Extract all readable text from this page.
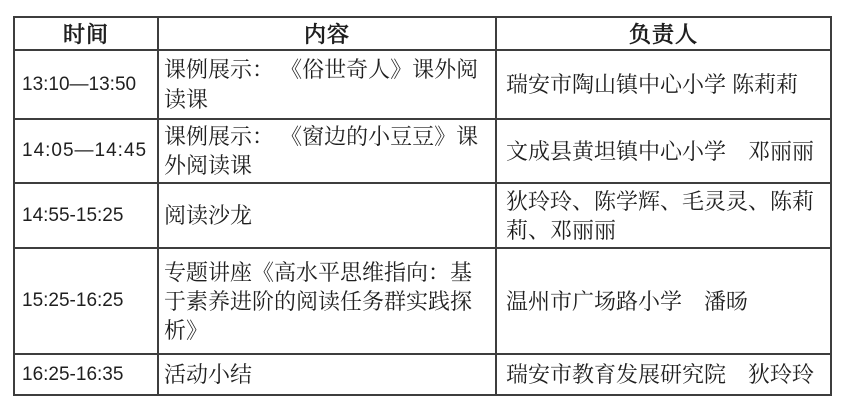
时间	内容	负责人
13:10—13:50	课例展示： 《俗世奇人》课外阅读课	瑞安市陶山镇中心小学 陈莉莉
14:05—14:45	课例展示： 《窗边的小豆豆》课外阅读课	文成县黄坦镇中心小学　邓丽丽
14:55-15:25	阅读沙龙	狄玲玲、陈学辉、毛灵灵、陈莉莉、邓丽丽
15:25-16:25	专题讲座《高水平思维指向：基于素养进阶的阅读任务群实践探析》	温州市广场路小学　潘旸
16:25-16:35	活动小结	瑞安市教育发展研究院　狄玲玲
